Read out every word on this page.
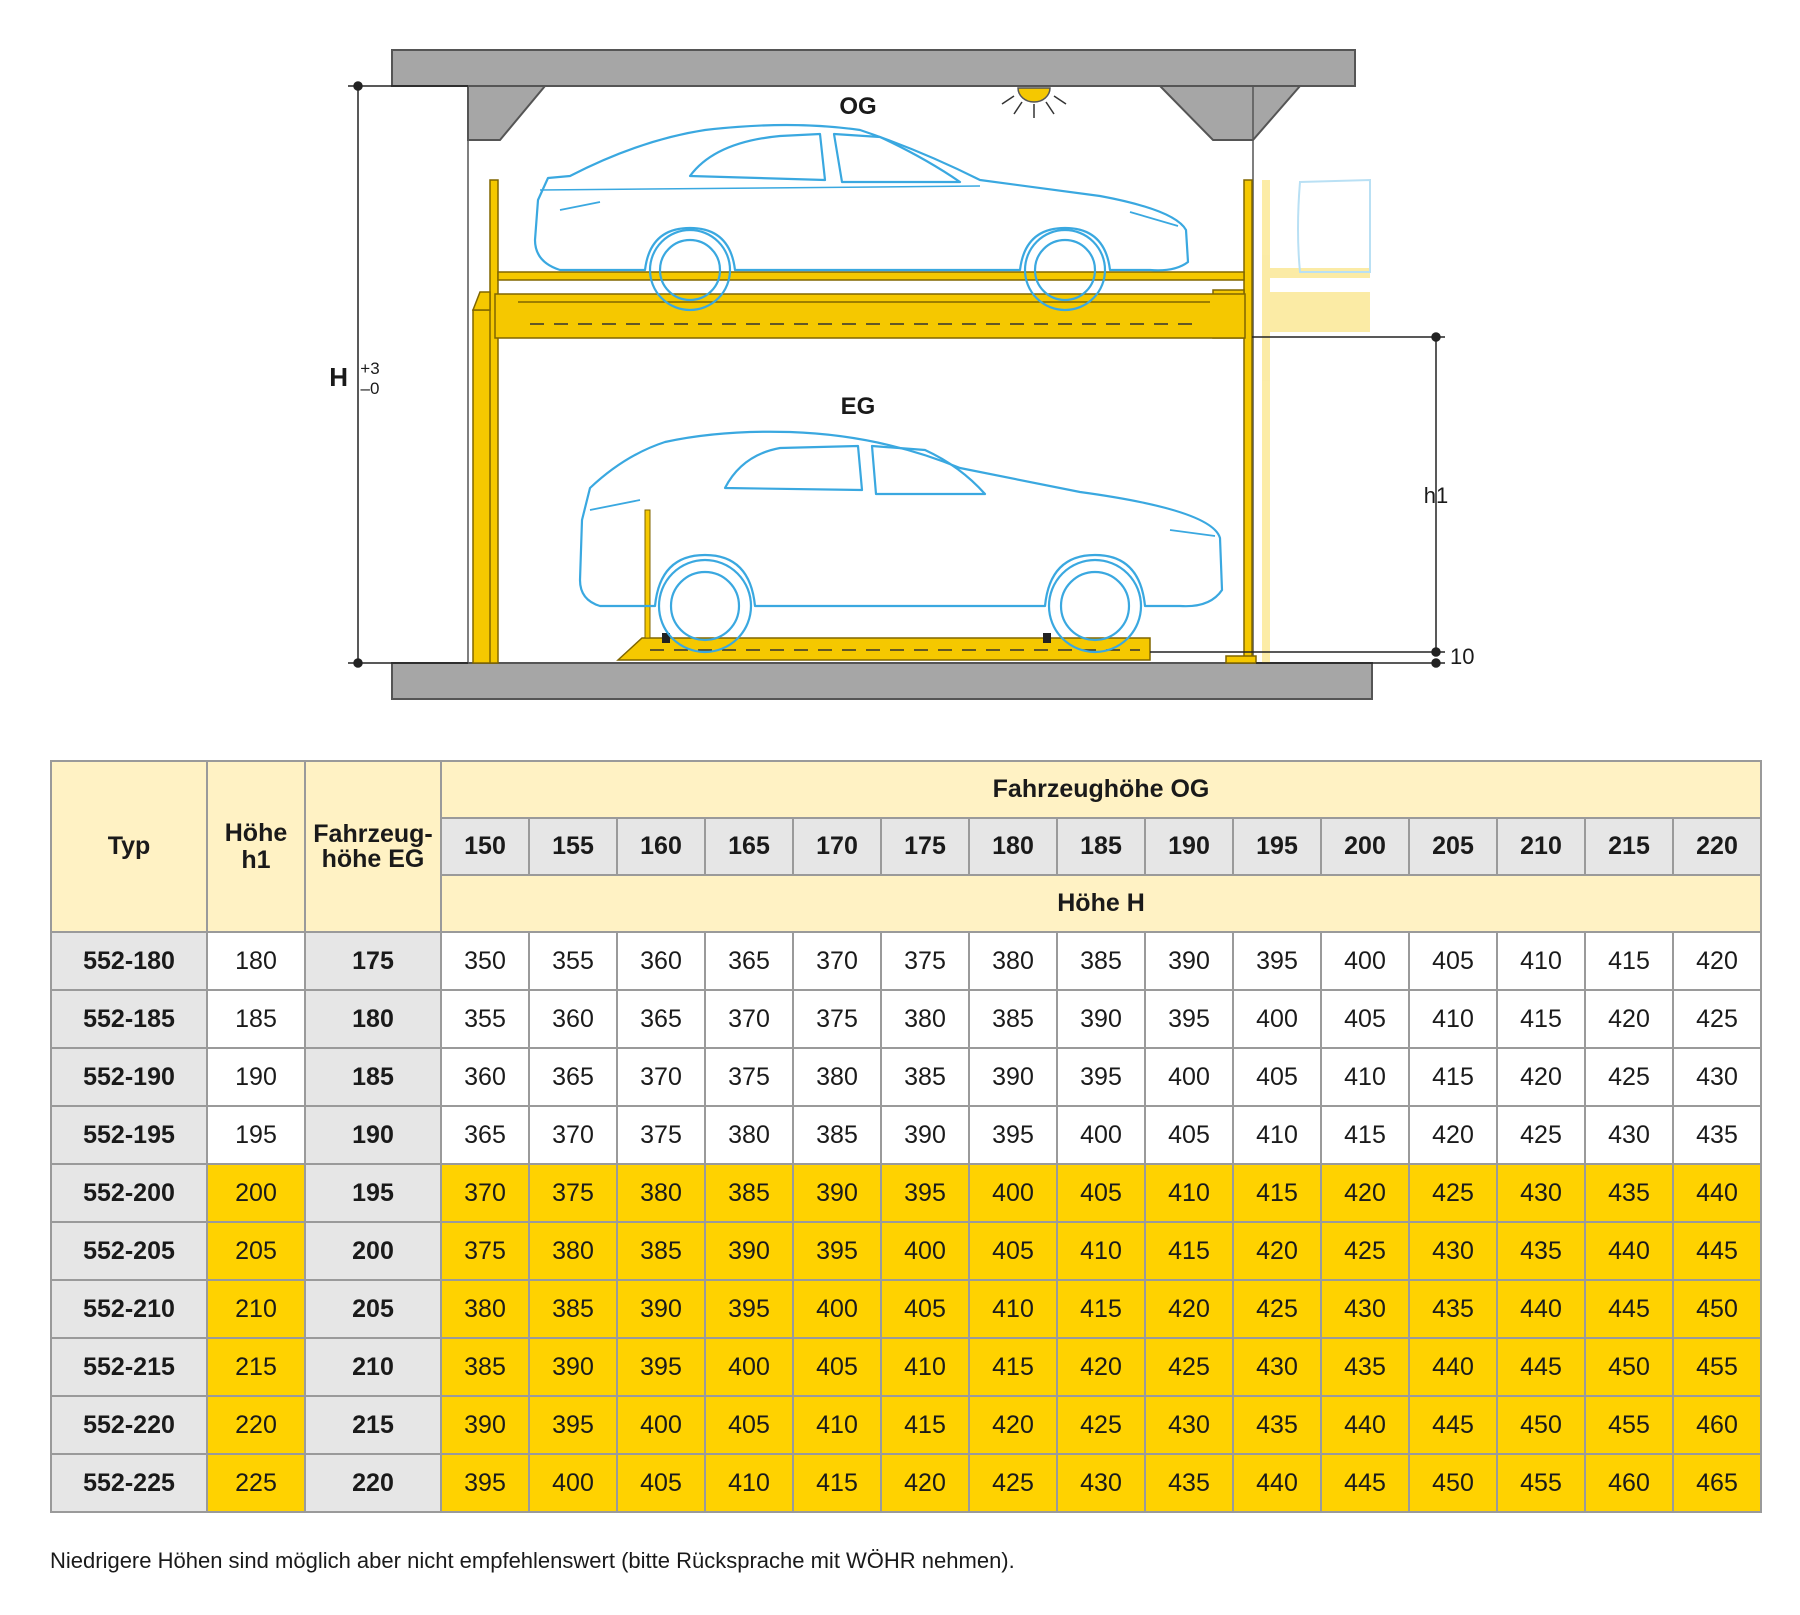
OG
EG
H +3
–0
h1
10
Typ	Höhe h1	Fahrzeug- höhe EG	Fahrzeughöhe OG														
			150	155	160	165	170	175	180	185	190	195	200	205	210	215	220
			Höhe H														
552-180	180	175	350	355	360	365	370	375	380	385	390	395	400	405	410	415	420
552-185	185	180	355	360	365	370	375	380	385	390	395	400	405	410	415	420	425
552-190	190	185	360	365	370	375	380	385	390	395	400	405	410	415	420	425	430
552-195	195	190	365	370	375	380	385	390	395	400	405	410	415	420	425	430	435
552-200	200	195	370	375	380	385	390	395	400	405	410	415	420	425	430	435	440
552-205	205	200	375	380	385	390	395	400	405	410	415	420	425	430	435	440	445
552-210	210	205	380	385	390	395	400	405	410	415	420	425	430	435	440	445	450
552-215	215	210	385	390	395	400	405	410	415	420	425	430	435	440	445	450	455
552-220	220	215	390	395	400	405	410	415	420	425	430	435	440	445	450	455	460
552-225	225	220	395	400	405	410	415	420	425	430	435	440	445	450	455	460	465
Niedrigere Höhen sind möglich aber nicht empfehlenswert (bitte Rücksprache mit WÖHR nehmen).
